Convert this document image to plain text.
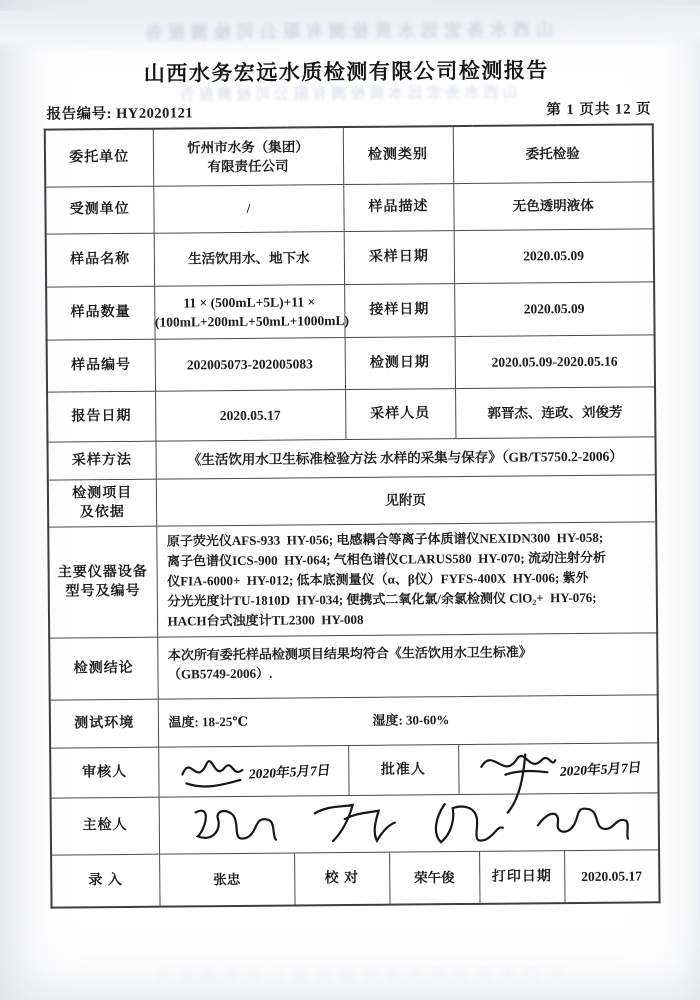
山西水务宏远水质检测有限公司检测报告
山西水务宏远水质检测有限公司检测报告
山西水务宏远水质检测有限公司检测报告
报告编号: HY2020121	第 1 页共 12 页
委托单位	忻州市水务（集团）
有限责任公司		检测类别		委托检验		
受测单位	/		样品描述		无色透明液体		
样品名称	生活饮用水、地下水		采样日期		2020.05.09		
样品数量	11 × (500mL+5L)+11 ×
(100mL+200mL+50mL+1000mL)		接样日期		2020.05.09		
样品编号	202005073-202005083		检测日期		2020.05.09-2020.05.16		
报告日期	2020.05.17		采样人员		郭晋杰、连政、刘俊芳		
采样方法	《生活饮用水卫生标准检验方法 水样的采集与保存》（GB/T5750.2-2006）						

检测项目
及依据	见附页						

主要仪器设备
型号及编号

原子荧光仪AFS-933  HY-056; 电感耦合等离子体质谱仪NEXIDN300  HY-058;
离子色谱仪ICS-900  HY-064; 气相色谱仪CLARUS580  HY-070; 流动注射分析
仪FIA-6000+  HY-012; 低本底测量仪（α、β仪）FYFS-400X  HY-006; 紫外
分光光度计TU-1810D  HY-034; 便携式二氧化氯/余氯检测仪 ClO₂+  HY-076;
HACH台式浊度计TL2300  HY-008

检测结论	本次所有委托样品检测项目结果均符合《生活饮用水卫生标准》
（GB5749-2006）.						

测试环境	温度: 18-25℃ 湿度: 30-60%						
审核人	2020年5月7日		批准人		2020年5月7日		

主检人	

录 入	张忠	校 对		荣午俊		打印日期	2020.05.17
山西水务宏远水质检测有限公司检测报告
